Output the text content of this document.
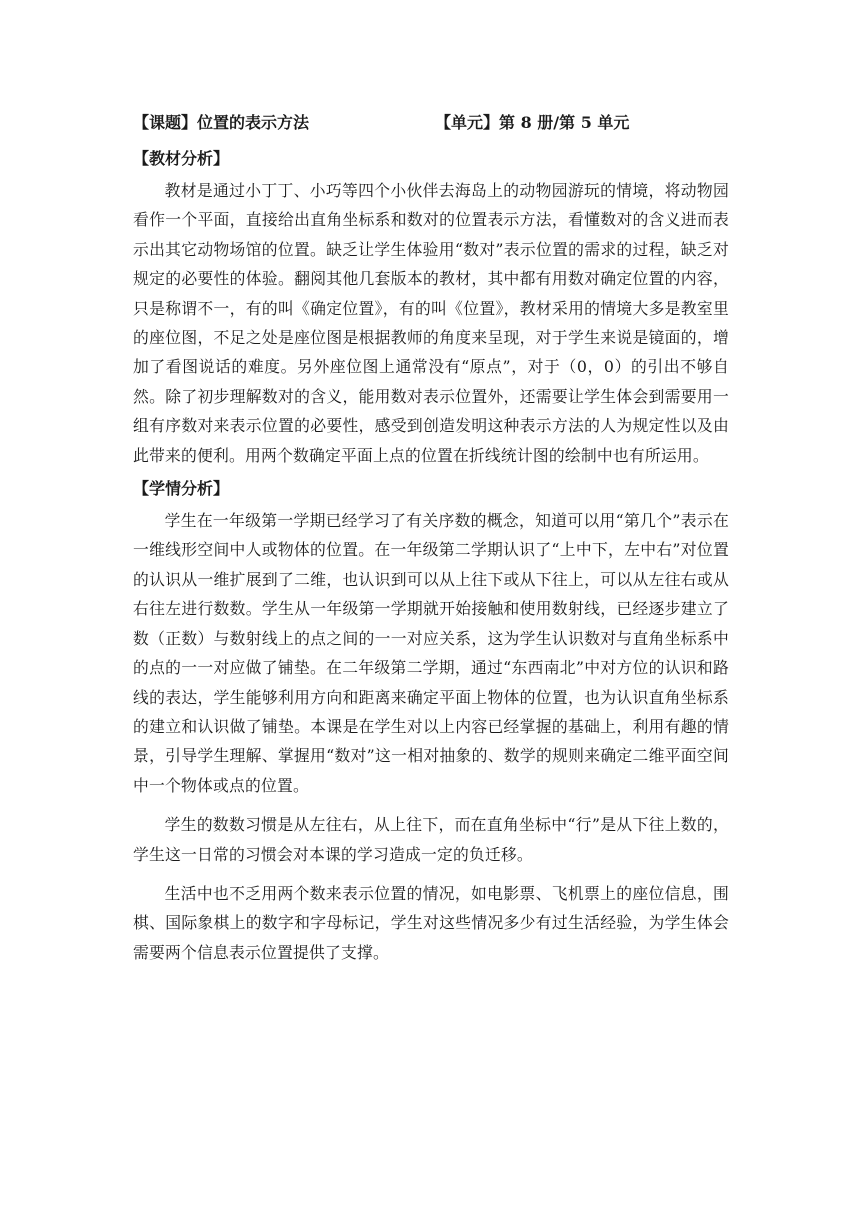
【课题】位置的表示方法	【单元】第 8 册/第 5 单元
【教材分析】

教材是通过小丁丁、小巧等四个小伙伴去海岛上的动物园游玩的情境，将动物园看作一个平面，直接给出直角坐标系和数对的位置表示方法，看懂数对的含义进而表示出其它动物场馆的位置。缺乏让学生体验用“数对”表示位置的需求的过程，缺乏对规定的必要性的体验。翻阅其他几套版本的教材，其中都有用数对确定位置的内容，只是称谓不一，有的叫《确定位置》，有的叫《位置》，教材采用的情境大多是教室里的座位图，不足之处是座位图是根据教师的角度来呈现，对于学生来说是镜面的，增加了看图说话的难度。另外座位图上通常没有“原点”，对于（0，0）的引出不够自然。除了初步理解数对的含义，能用数对表示位置外，还需要让学生体会到需要用一组有序数对来表示位置的必要性，感受到创造发明这种表示方法的人为规定性以及由此带来的便利。用两个数确定平面上点的位置在折线统计图的绘制中也有所运用。

【学情分析】

学生在一年级第一学期已经学习了有关序数的概念，知道可以用“第几个”表示在一维线形空间中人或物体的位置。在一年级第二学期认识了“上中下，左中右”对位置的认识从一维扩展到了二维，也认识到可以从上往下或从下往上，可以从左往右或从右往左进行数数。学生从一年级第一学期就开始接触和使用数射线，已经逐步建立了数（正数）与数射线上的点之间的一一对应关系，这为学生认识数对与直角坐标系中的点的一一对应做了铺垫。在二年级第二学期，通过“东西南北”中对方位的认识和路线的表达，学生能够利用方向和距离来确定平面上物体的位置，也为认识直角坐标系的建立和认识做了铺垫。本课是在学生对以上内容已经掌握的基础上，利用有趣的情景，引导学生理解、掌握用“数对”这一相对抽象的、数学的规则来确定二维平面空间中一个物体或点的位置。

学生的数数习惯是从左往右，从上往下，而在直角坐标中“行”是从下往上数的，学生这一日常的习惯会对本课的学习造成一定的负迁移。

生活中也不乏用两个数来表示位置的情况，如电影票、飞机票上的座位信息，围棋、国际象棋上的数字和字母标记，学生对这些情况多少有过生活经验，为学生体会需要两个信息表示位置提供了支撑。
